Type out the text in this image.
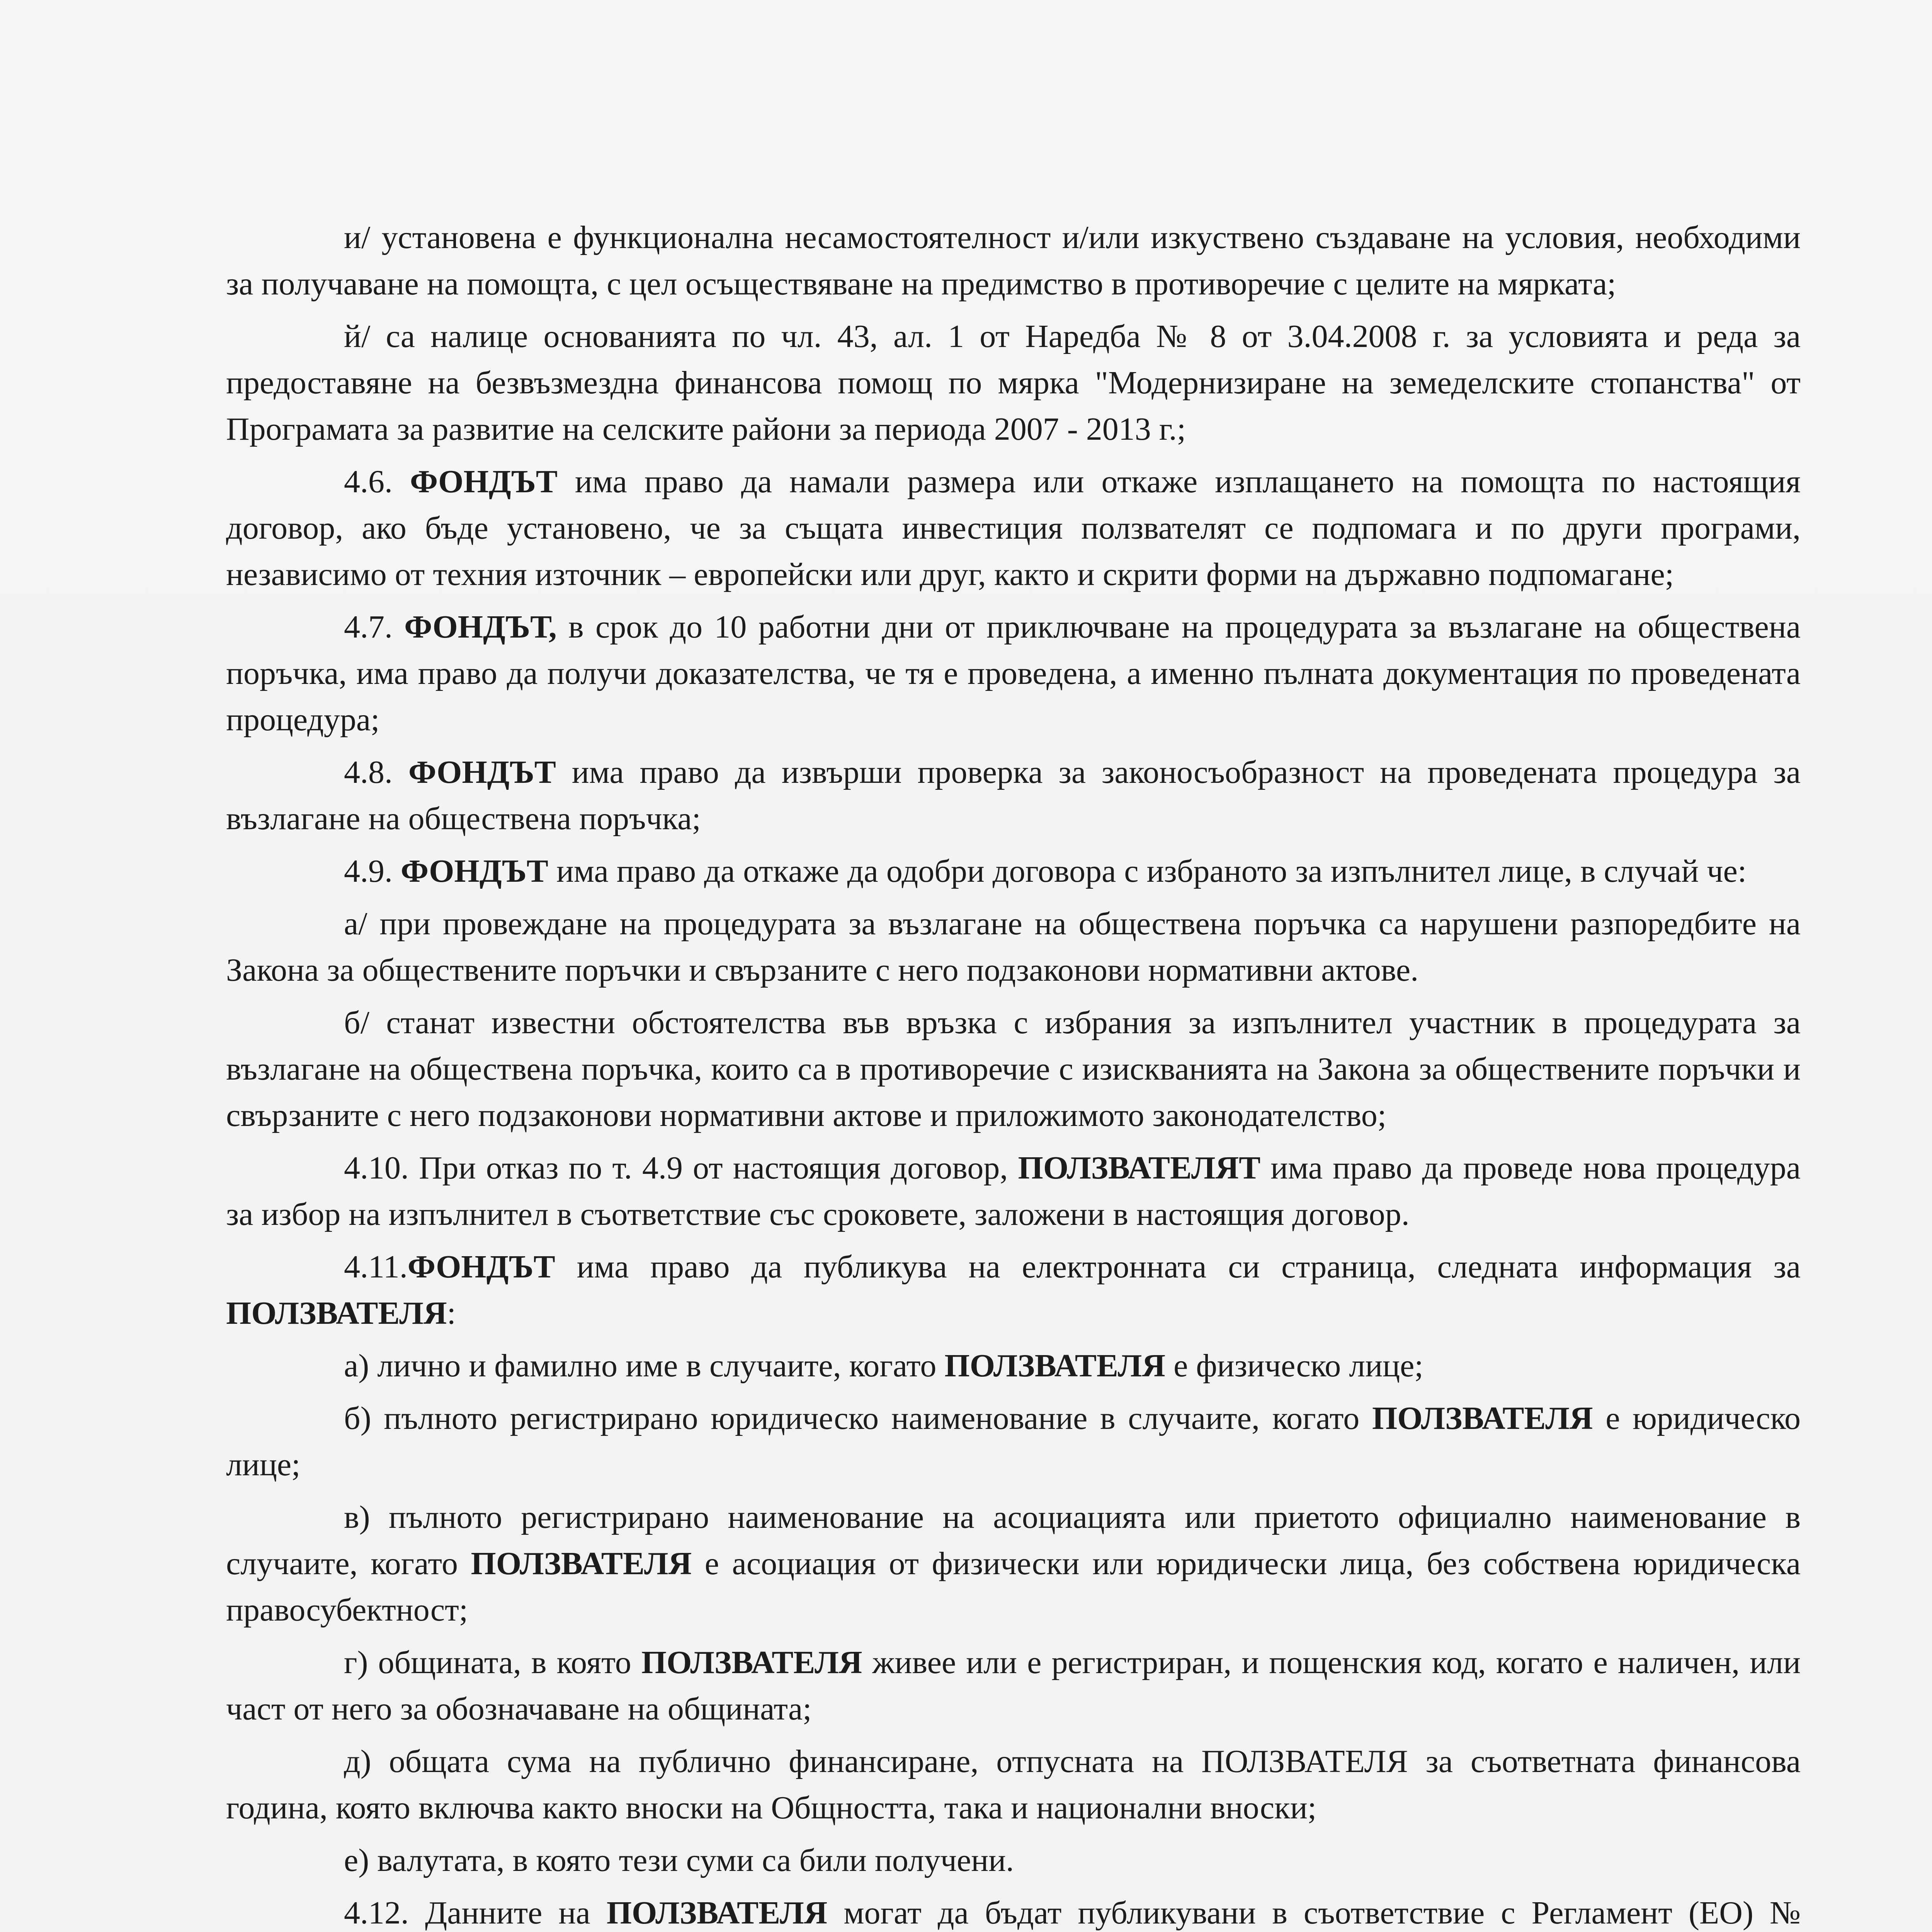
и/ установена е функционална несамостоятелност и/или изкуствено създаване на условия, необходими за получаване на помощта, с цел осъществяване на предимство в противоречие с целите на мярката;

й/ са налице основанията по чл. 43, ал. 1 от Наредба № 8 от 3.04.2008 г. за условията и реда за предоставяне на безвъзмездна финансова помощ по мярка "Модернизиране на земеделските стопанства" от Програмата за развитие на селските райони за периода 2007 - 2013 г.;

4.6. ФОНДЪТ има право да намали размера или откаже изплащането на помощта по настоящия договор, ако бъде установено, че за същата инвестиция ползвателят се подпомага и по други програми, независимо от техния източник – европейски или друг, както и скрити форми на държавно подпомагане;

4.7. ФОНДЪТ, в срок до 10 работни дни от приключване на процедурата за възлагане на обществена поръчка, има право да получи доказателства, че тя е проведена, а именно пълната документация по проведената процедура;

4.8. ФОНДЪТ има право да извърши проверка за законосъобразност на проведената процедура за възлагане на обществена поръчка;

4.9. ФОНДЪТ има право да откаже да одобри договора с избраното за изпълнител лице, в случай че:

а/ при провеждане на процедурата за възлагане на обществена поръчка са нарушени разпоредбите на Закона за обществените поръчки и свързаните с него подзаконови нормативни актове.

б/ станат известни обстоятелства във връзка с избрания за изпълнител участник в процедурата за възлагане на обществена поръчка, които са в противоречие с изискванията на Закона за обществените поръчки и свързаните с него подзаконови нормативни актове и приложимото законодателство;

4.10. При отказ по т. 4.9 от настоящия договор, ПОЛЗВАТЕЛЯТ има право да проведе нова процедура за избор на изпълнител в съответствие със сроковете, заложени в настоящия договор.

4.11.ФОНДЪТ има право да публикува на електронната си страница, следната информация за ПОЛЗВАТЕЛЯ:

а) лично и фамилно име в случаите, когато ПОЛЗВАТЕЛЯ е физическо лице;

б) пълното регистрирано юридическо наименование в случаите, когато ПОЛЗВАТЕЛЯ е юридическо лице;

в) пълното регистрирано наименование на асоциацията или приетото официално наименование в случаите, когато ПОЛЗВАТЕЛЯ е асоциация от физически или юридически лица, без собствена юридическа правосубектност;

г) общината, в която ПОЛЗВАТЕЛЯ живее или е регистриран, и пощенския код, когато е наличен, или част от него за обозначаване на общината;

д) общата сума на публично финансиране, отпусната на ПОЛЗВАТЕЛЯ за съответната финансова година, която включва както вноски на Общността, така и национални вноски;

е) валутата, в която тези суми са били получени.

4.12. Данните на ПОЛЗВАТЕЛЯ могат да бъдат публикувани в съответствие с Регламент (ЕО) №
